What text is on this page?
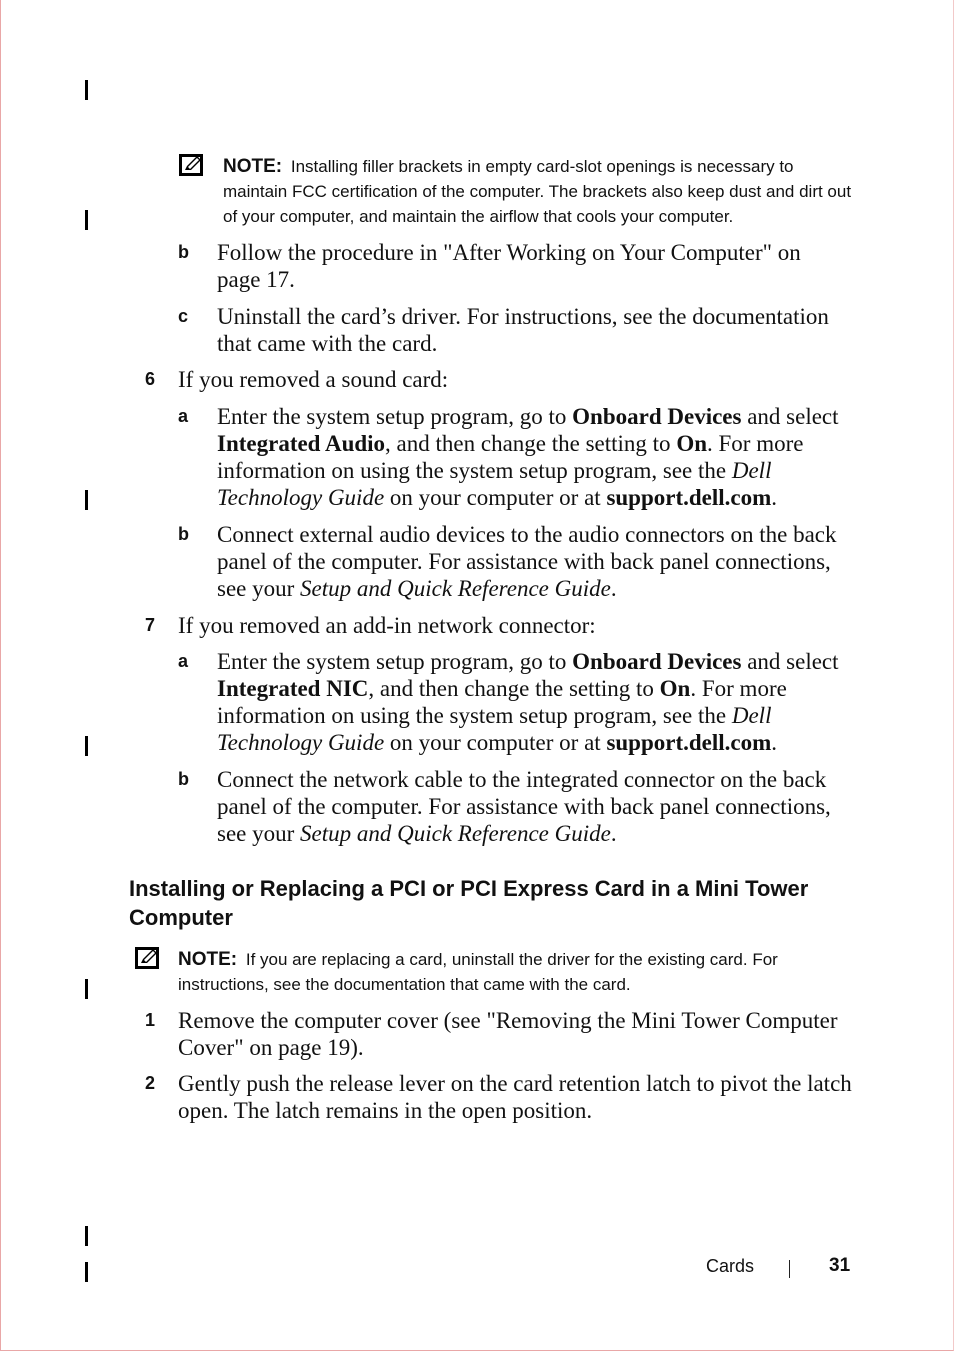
NOTE: Installing filler brackets in empty card-slot openings is necessary to maintain FCC certification of the computer. The brackets also keep dust and dirt out of your computer, and maintain the airflow that cools your computer.
b Follow the procedure in "After Working on Your Computer" on page 17.
c Uninstall the card’s driver. For instructions, see the documentation that came with the card.
6 If you removed a sound card:
a Enter the system setup program, go to Onboard Devices and select Integrated Audio, and then change the setting to On. For more information on using the system setup program, see the Dell Technology Guide on your computer or at support.dell.com.
b Connect external audio devices to the audio connectors on the back panel of the computer. For assistance with back panel connections, see your Setup and Quick Reference Guide.
7 If you removed an add-in network connector:
a Enter the system setup program, go to Onboard Devices and select Integrated NIC, and then change the setting to On. For more information on using the system setup program, see the Dell Technology Guide on your computer or at support.dell.com.
b Connect the network cable to the integrated connector on the back panel of the computer. For assistance with back panel connections, see your Setup and Quick Reference Guide.
Installing or Replacing a PCI or PCI Express Card in a Mini Tower Computer
NOTE: If you are replacing a card, uninstall the driver for the existing card. For instructions, see the documentation that came with the card.
1 Remove the computer cover (see "Removing the Mini Tower Computer Cover" on page 19).
2 Gently push the release lever on the card retention latch to pivot the latch open. The latch remains in the open position.
Cards	31
